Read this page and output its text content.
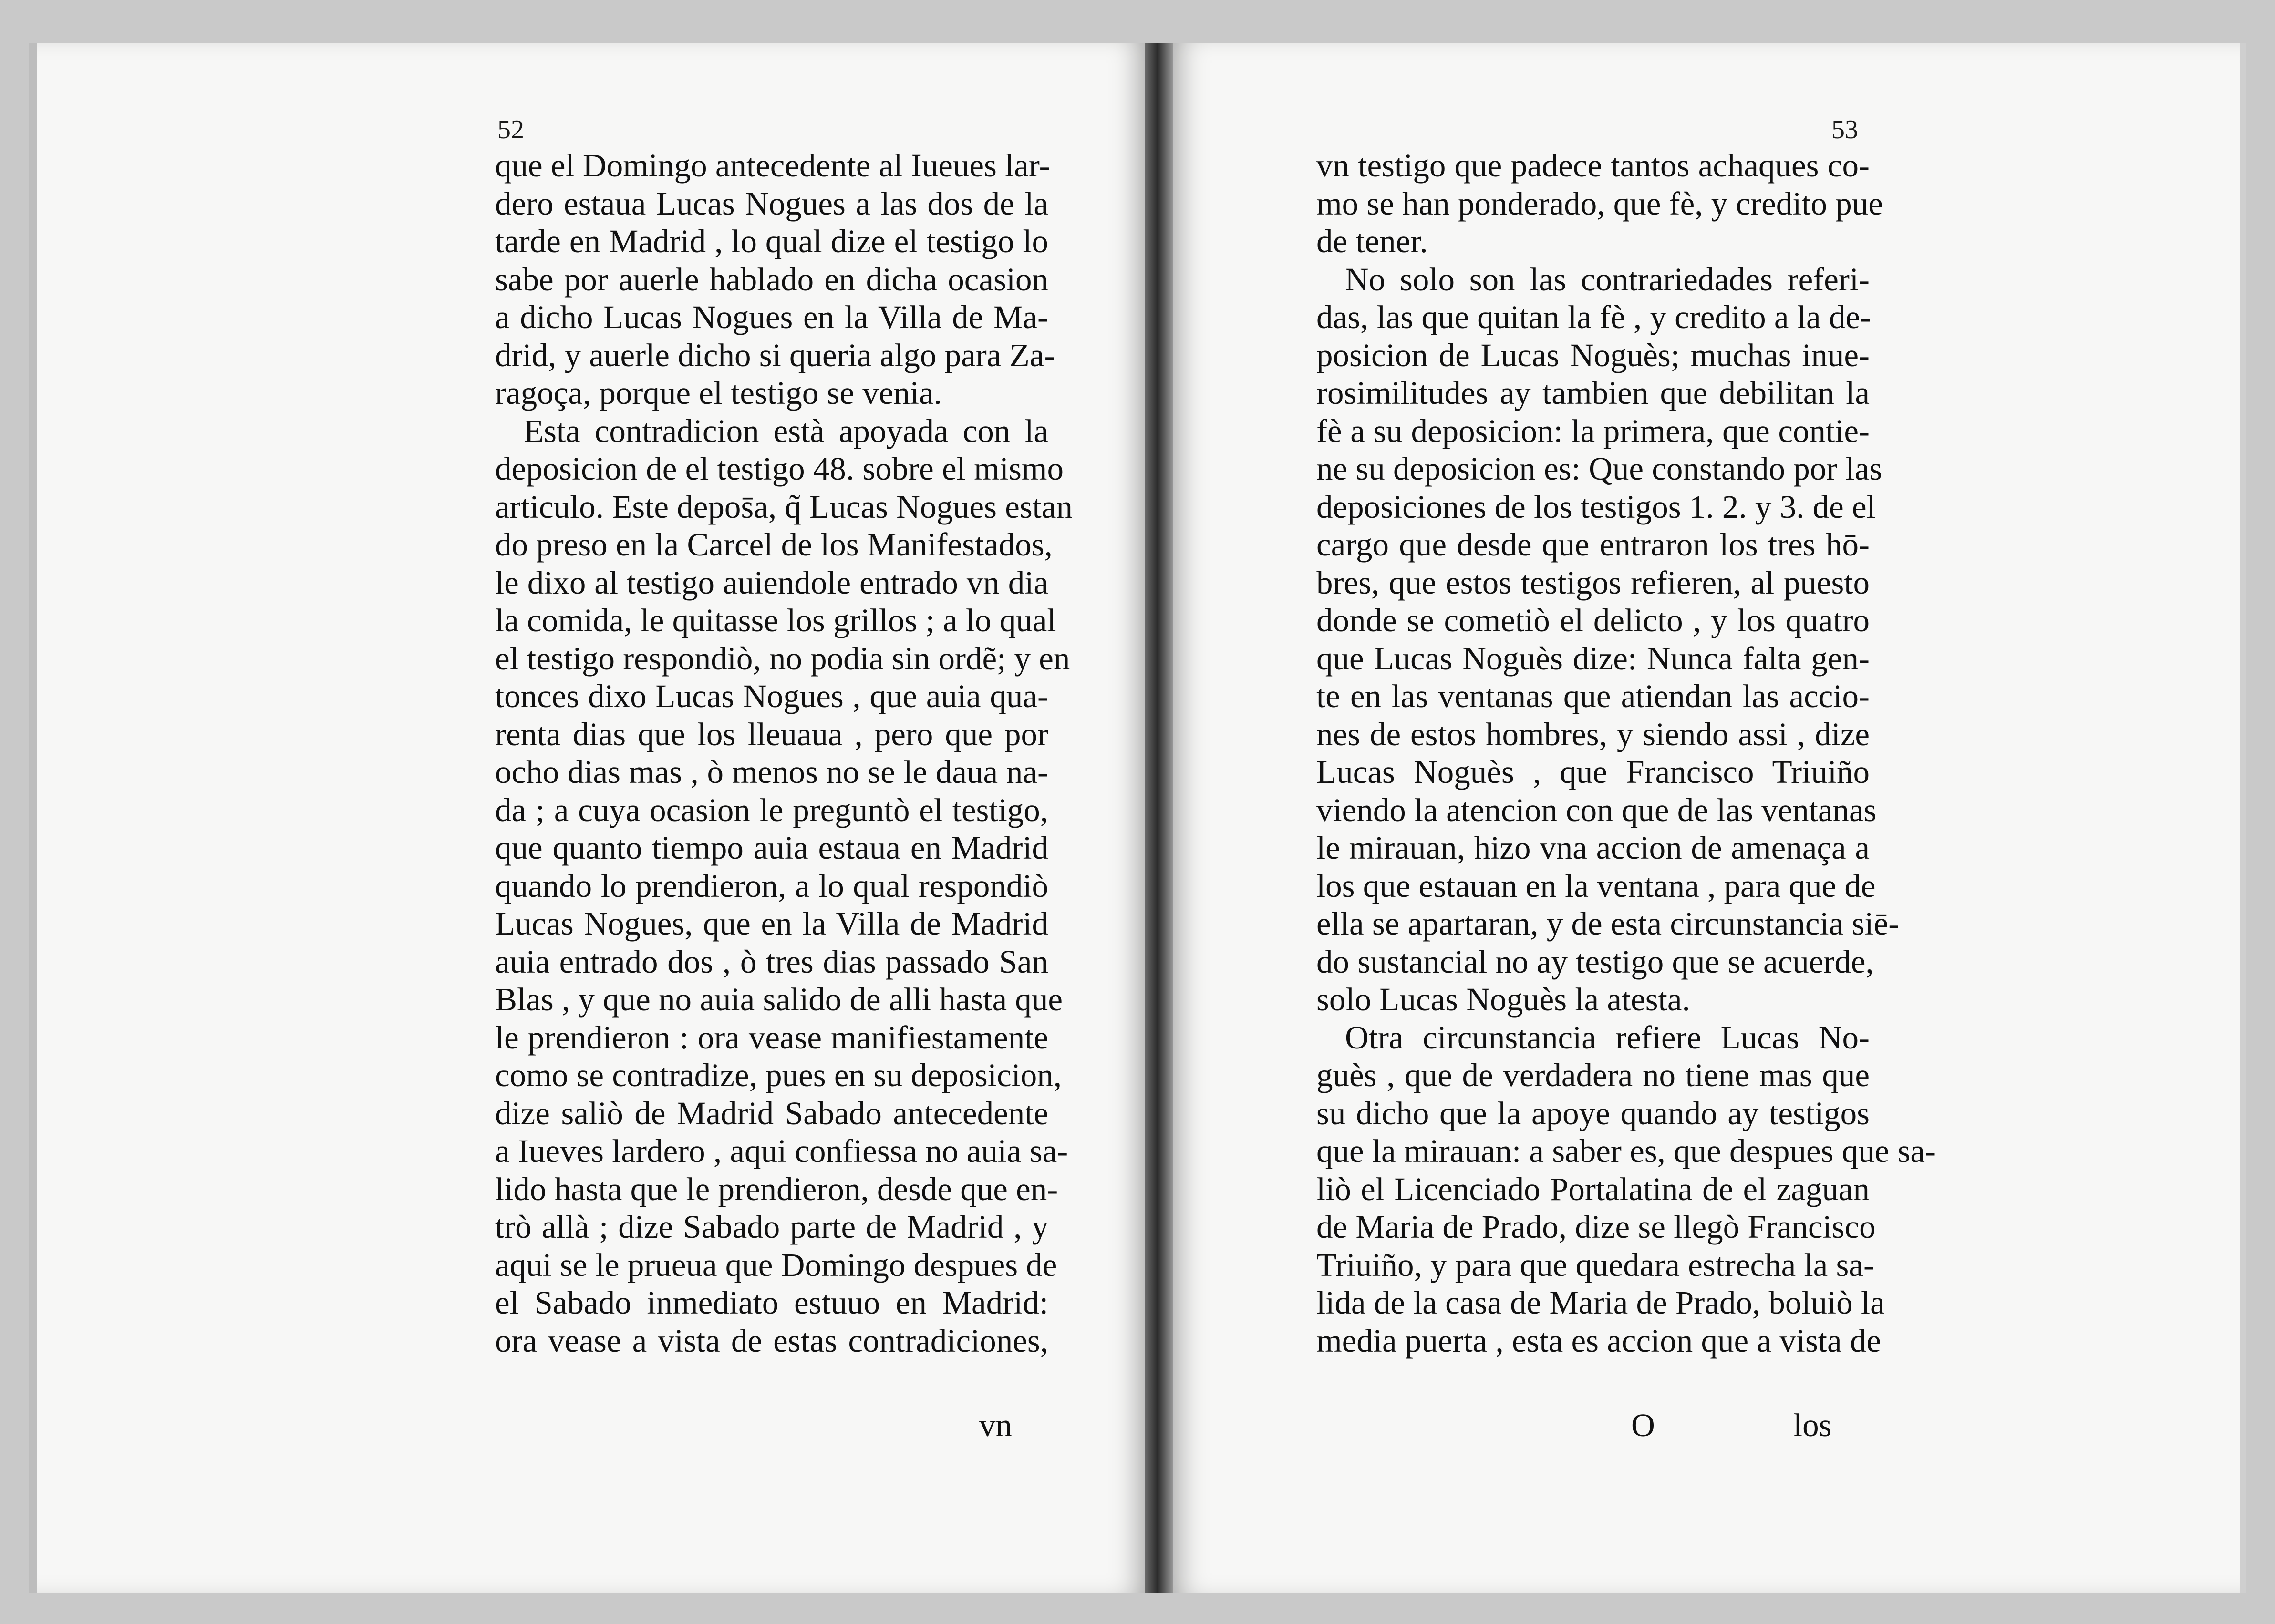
52
que el Domingo antecedente al Iueues lar-
dero estaua Lucas Nogues a las dos de la
tarde en Madrid , lo qual dize el testigo lo
sabe por auerle hablado en dicha ocasion
a dicho Lucas Nogues en la Villa de Ma-
drid, y auerle dicho si queria algo para Za-
ragoça, porque el testigo se venia.
Esta contradicion està apoyada con la
deposicion de el testigo 48. sobre el mismo
articulo. Este depos̄a, q̃ Lucas Nogues estan
do preso en la Carcel de los Manifestados,
le dixo al testigo auiendole entrado vn dia
la comida, le quitasse los grillos ; a lo qual
el testigo respondiò, no podia sin ordẽ; y en
tonces dixo Lucas Nogues , que auia qua-
renta dias que los lleuaua , pero que por
ocho dias mas , ò menos no se le daua na-
da ; a cuya ocasion le preguntò el testigo,
que quanto tiempo auia estaua en Madrid
quando lo prendieron, a lo qual respondiò
Lucas Nogues, que en la Villa de Madrid
auia entrado dos , ò tres dias passado San
Blas , y que no auia salido de alli hasta que
le prendieron : ora vease manifiestamente
como se contradize, pues en su deposicion,
dize saliò de Madrid Sabado antecedente
a Iueves lardero , aqui confiessa no auia sa-
lido hasta que le prendieron, desde que en-
trò allà ; dize Sabado parte de Madrid , y
aqui se le prueua que Domingo despues de
el Sabado inmediato estuuo en Madrid:
ora vease a vista de estas contradiciones,
vn
53
vn testigo que padece tantos achaques co-
mo se han ponderado, que fè, y credito pue
de tener.
No solo son las contrariedades referi-
das, las que quitan la fè , y credito a la de-
posicion de Lucas Noguès; muchas inue-
rosimilitudes ay tambien que debilitan la
fè a su deposicion: la primera, que contie-
ne su deposicion es: Que constando por las
deposiciones de los testigos 1. 2. y 3. de el
cargo que desde que entraron los tres hō-
bres, que estos testigos refieren, al puesto
donde se cometiò el delicto , y los quatro
que Lucas Noguès dize: Nunca falta gen-
te en las ventanas que atiendan las accio-
nes de estos hombres, y siendo assi , dize
Lucas Noguès , que Francisco Triuiño
viendo la atencion con que de las ventanas
le mirauan, hizo vna accion de amenaça a
los que estauan en la ventana , para que de
ella se apartaran, y de esta circunstancia siē-
do sustancial no ay testigo que se acuerde,
solo Lucas Noguès la atesta.
Otra circunstancia refiere Lucas No-
guès , que de verdadera no tiene mas que
su dicho que la apoye quando ay testigos
que la mirauan: a saber es, que despues que sa-
liò el Licenciado Portalatina de el zaguan
de Maria de Prado, dize se llegò Francisco
Triuiño, y para que quedara estrecha la sa-
lida de la casa de Maria de Prado, boluiò la
media puerta , esta es accion que a vista de
O	los
